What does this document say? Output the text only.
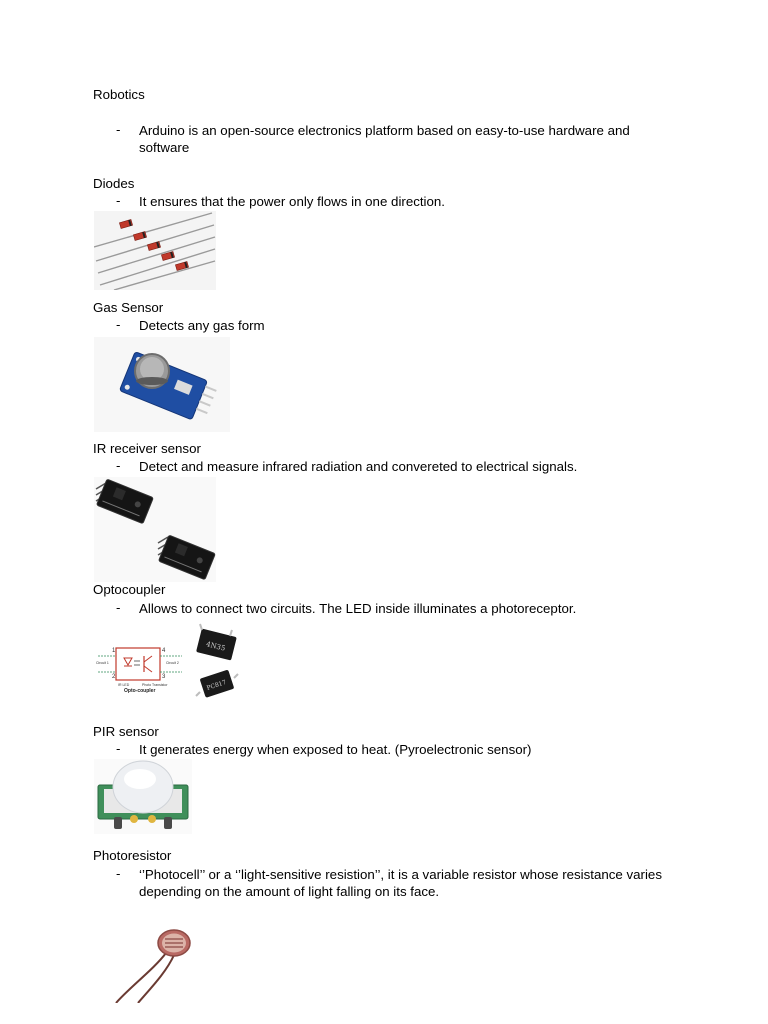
Robotics
- Arduino is an open-source electronics platform based on easy-to-use hardware and software
Diodes
- It ensures that the power only flows in one direction.
Gas Sensor
- Detects any gas form
IR receiver sensor
- Detect and measure infrared radiation and convereted to electrical signals.
Optocoupler
- Allows to connect two circuits. The LED inside illuminates a photoreceptor.
1
2	3
4
Circuit 1	Circuit 2
IR LED	Photo Transistor
Opto-coupler
4N35
PC817
PIR sensor
- It generates energy when exposed to heat. (Pyroelectronic sensor)
Photoresistor
- ‘’Photocell’’ or a ‘’light-sensitive resistion’’, it is a variable resistor whose resistance varies depending on the amount of light falling on its face.
